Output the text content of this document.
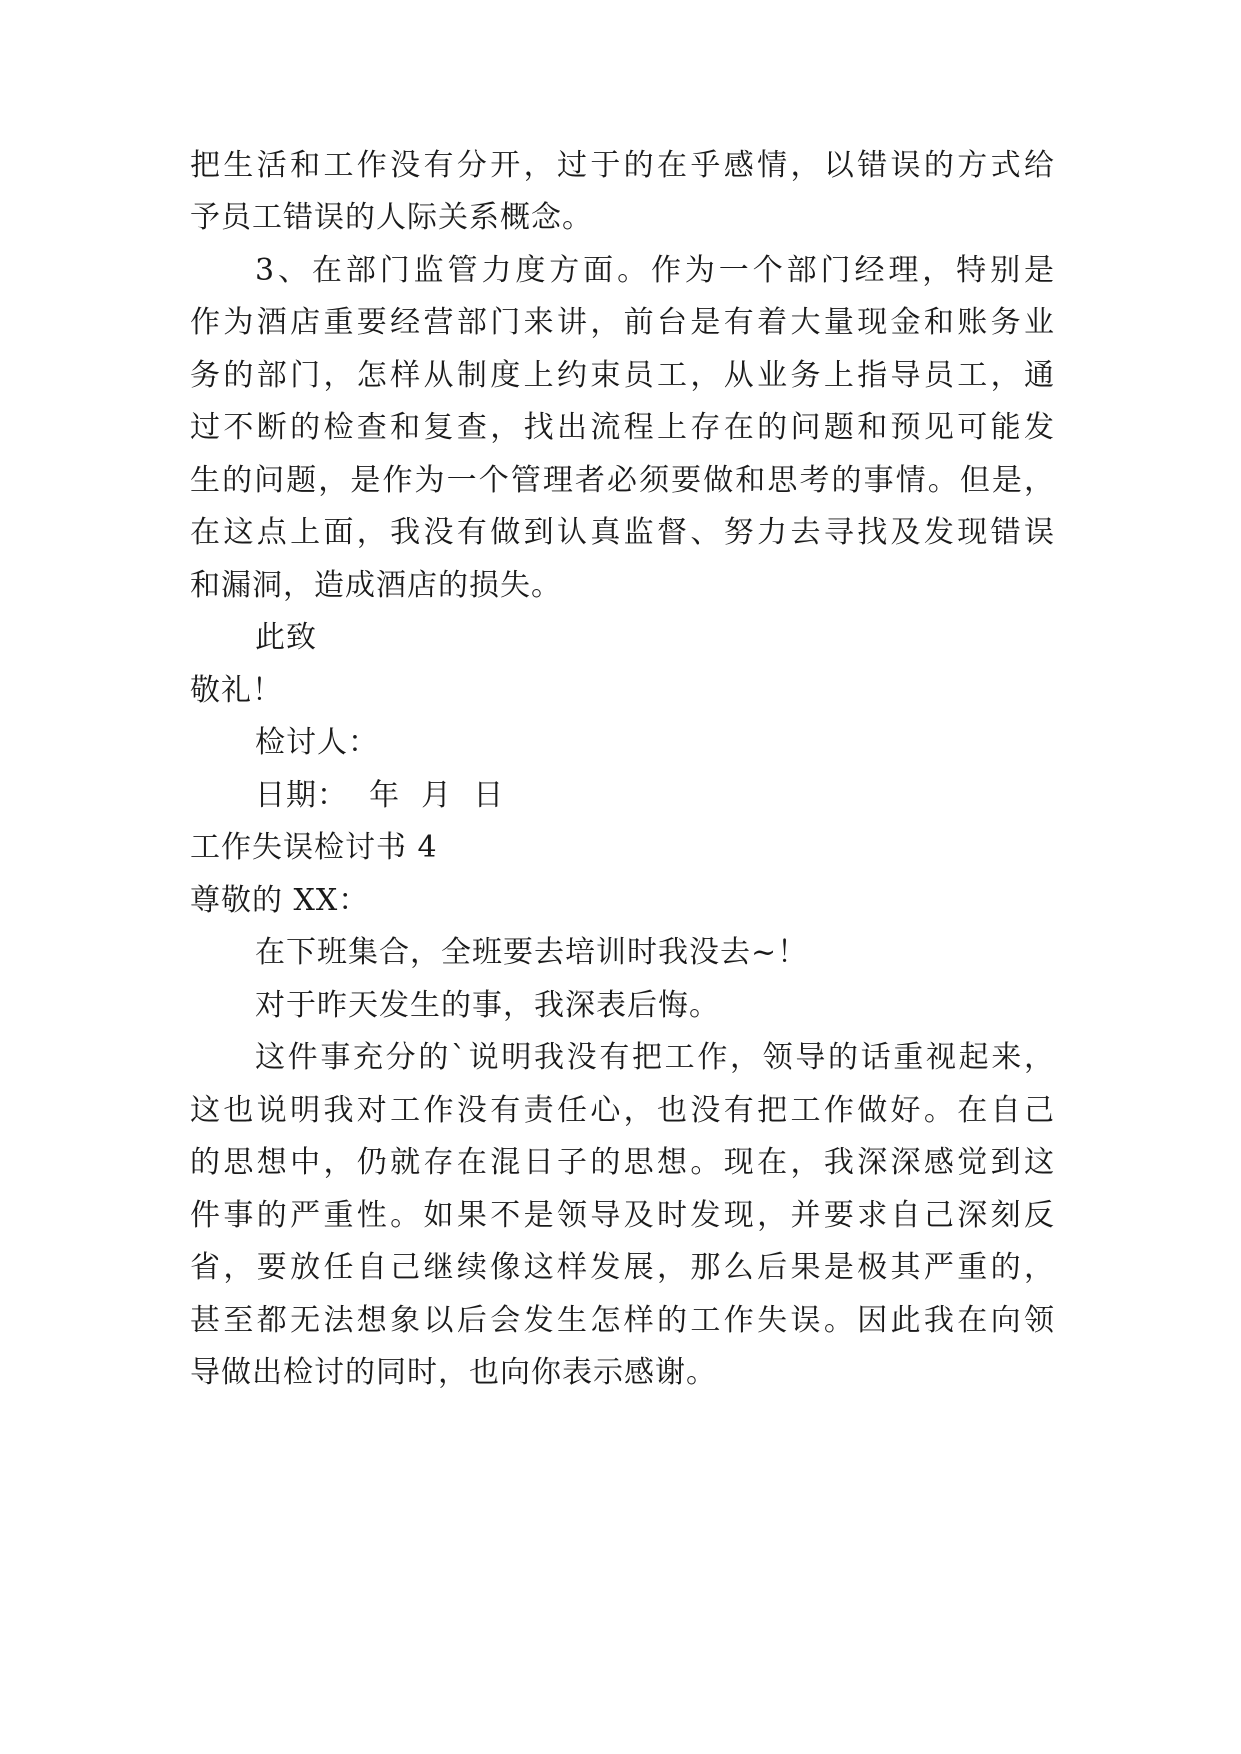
把生活和工作没有分开，过于的在乎感情，以错误的方式给
予员工错误的人际关系概念。
3、在部门监管力度方面。作为一个部门经理，特别是
作为酒店重要经营部门来讲，前台是有着大量现金和账务业
务的部门，怎样从制度上约束员工，从业务上指导员工，通
过不断的检查和复查，找出流程上存在的问题和预见可能发
生的问题，是作为一个管理者必须要做和思考的事情。但是，
在这点上面，我没有做到认真监督、努力去寻找及发现错误
和漏洞，造成酒店的损失。
此致
敬礼！
检讨人：
日期：  年  月  日
工作失误检讨书 4
尊敬的 XX：
在下班集合，全班要去培训时我没去~！
对于昨天发生的事，我深表后悔。
这件事充分的`说明我没有把工作，领导的话重视起来，
这也说明我对工作没有责任心，也没有把工作做好。在自己
的思想中，仍就存在混日子的思想。现在，我深深感觉到这
件事的严重性。如果不是领导及时发现，并要求自己深刻反
省，要放任自己继续像这样发展，那么后果是极其严重的，
甚至都无法想象以后会发生怎样的工作失误。因此我在向领
导做出检讨的同时，也向你表示感谢。
